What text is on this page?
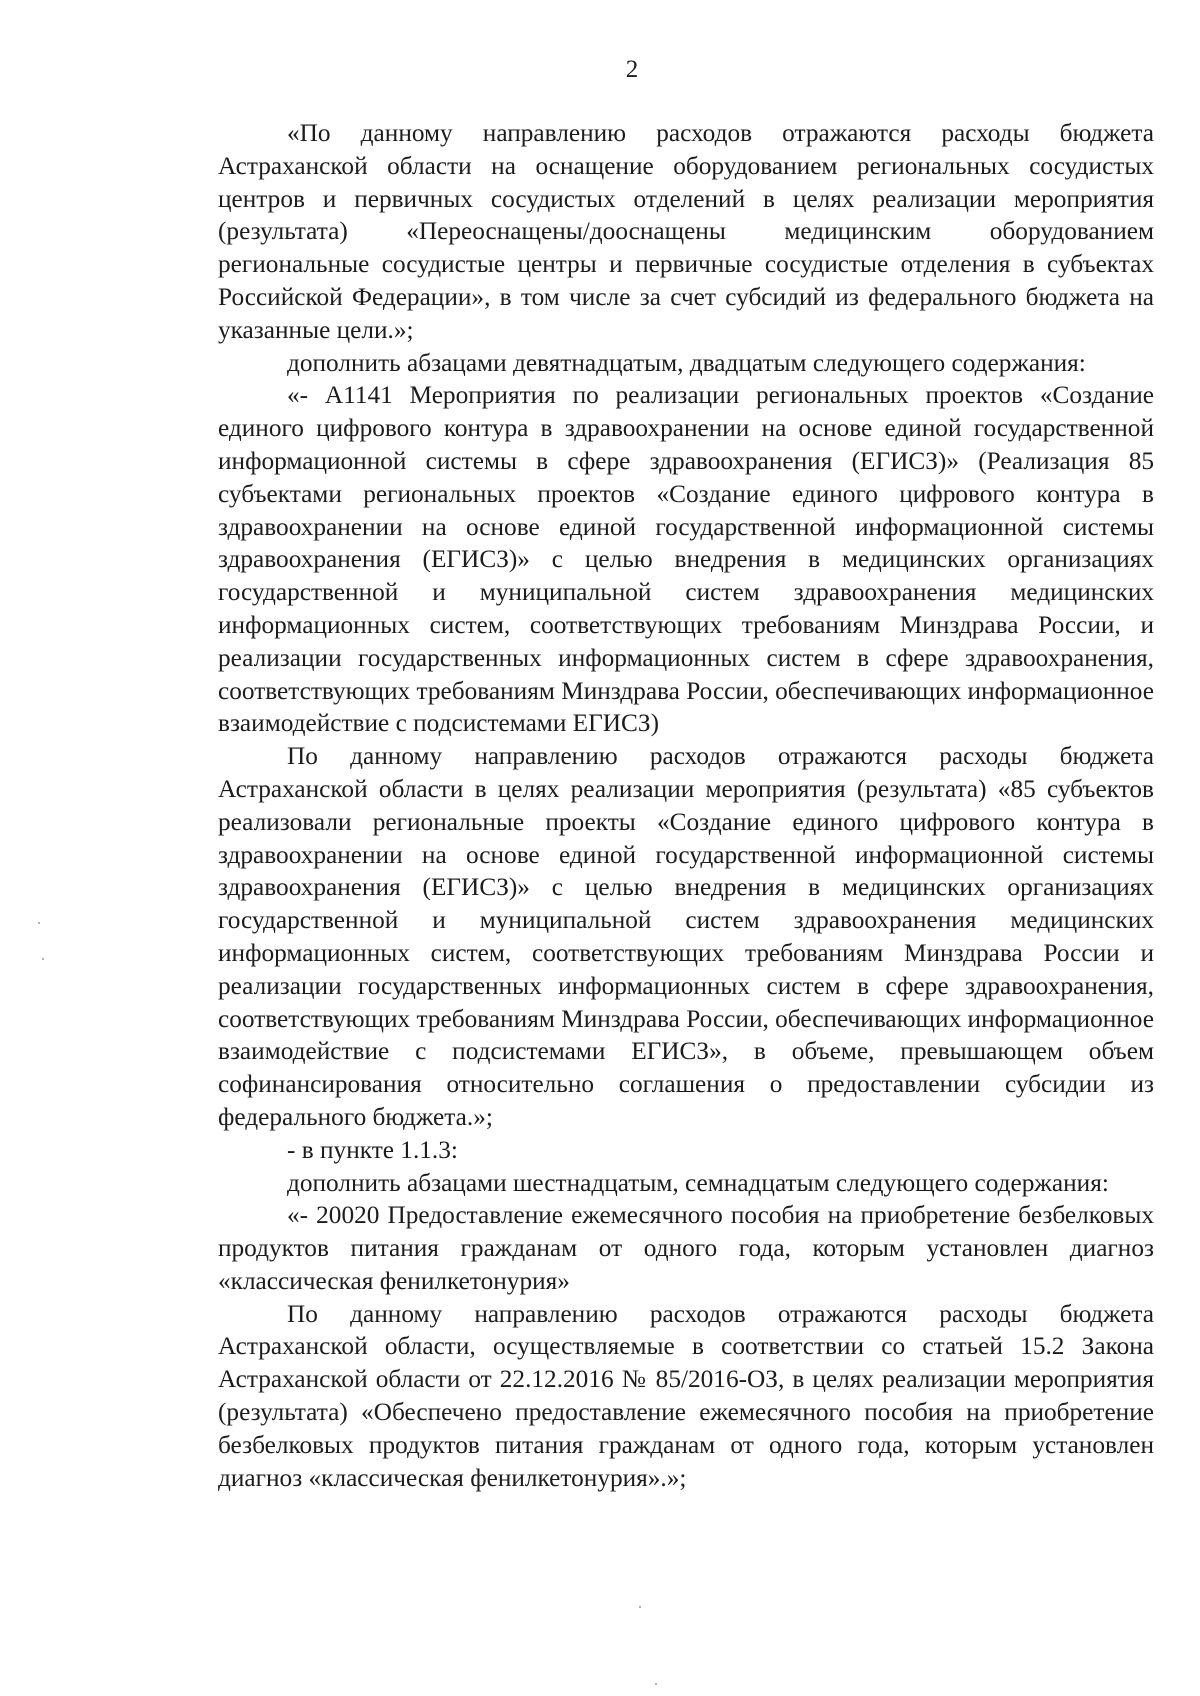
2

«По данному направлению расходов отражаются расходы бюджета Астраханской области на оснащение оборудованием региональных сосудистых центров и первичных сосудистых отделений в целях реализации мероприятия (результата) «Переоснащены/дооснащены медицинским оборудованием региональные сосудистые центры и первичные сосудистые отделения в субъектах Российской Федерации», в том числе за счет субсидий из федерального бюджета на указанные цели.»;

дополнить абзацами девятнадцатым, двадцатым следующего содержания:

«- А1141 Мероприятия по реализации региональных проектов «Создание единого цифрового контура в здравоохранении на основе единой государственной информационной системы в сфере здравоохранения (ЕГИСЗ)» (Реализация 85 субъектами региональных проектов «Создание единого цифрового контура в здравоохранении на основе единой государственной информационной системы здравоохранения (ЕГИСЗ)» с целью внедрения в медицинских организациях государственной и муниципальной систем здравоохранения медицинских информационных систем, соответствующих требованиям Минздрава России, и реализации государственных информационных систем в сфере здравоохранения, соответствующих требованиям Минздрава России, обеспечивающих информационное взаимодействие с подсистемами ЕГИСЗ)

По данному направлению расходов отражаются расходы бюджета Астраханской области в целях реализации мероприятия (результата) «85 субъектов реализовали региональные проекты «Создание единого цифрового контура в здравоохранении на основе единой государственной информационной системы здравоохранения (ЕГИСЗ)» с целью внедрения в медицинских организациях государственной и муниципальной систем здравоохранения медицинских информационных систем, соответствующих требованиям Минздрава России и реализации государственных информационных систем в сфере здравоохранения, соответствующих требованиям Минздрава России, обеспечивающих информационное взаимодействие с подсистемами ЕГИСЗ», в объеме, превышающем объем софинансирования относительно соглашения о предоставлении субсидии из федерального бюджета.»;

- в пункте 1.1.3:

дополнить абзацами шестнадцатым, семнадцатым следующего содержания:

«- 20020 Предоставление ежемесячного пособия на приобретение безбелковых продуктов питания гражданам от одного года, которым установлен диагноз «классическая фенилкетонурия»

По данному направлению расходов отражаются расходы бюджета Астраханской области, осуществляемые в соответствии со статьей 15.2 Закона Астраханской области от 22.12.2016 № 85/2016-ОЗ, в целях реализации мероприятия (результата) «Обеспечено предоставление ежемесячного пособия на приобретение безбелковых продуктов питания гражданам от одного года, которым установлен диагноз «классическая фенилкетонурия».»;
